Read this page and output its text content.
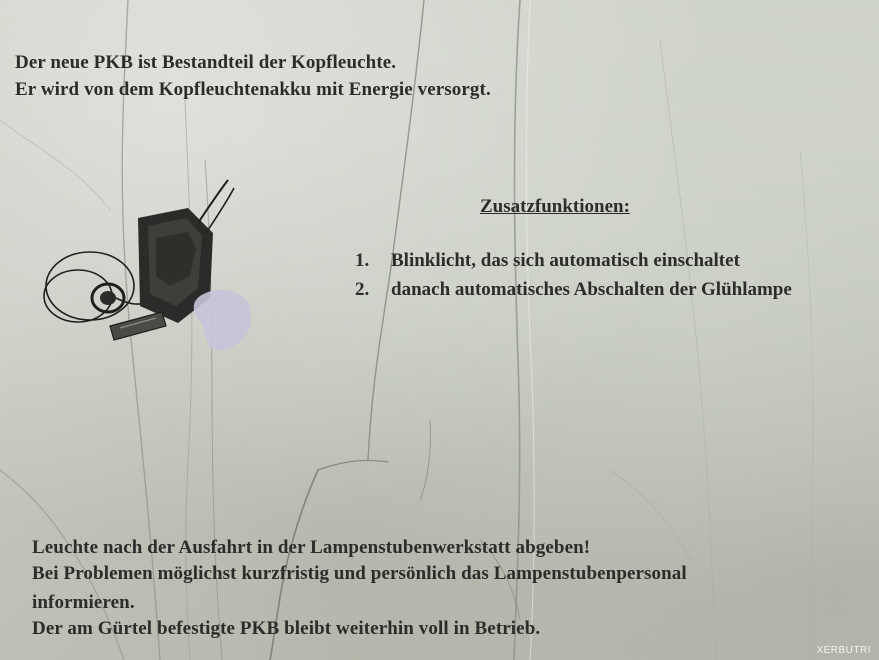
Der neue PKB ist Bestandteil der Kopfleuchte.

Er wird von dem Kopfleuchtenakku mit Energie versorgt.

Zusatzfunktionen:

1.	Blinklicht, das sich automatisch einschaltet
2.	danach automatisches Abschalten der Glühlampe

Leuchte nach der Ausfahrt in der Lampenstubenwerkstatt abgeben!

Bei Problemen möglichst kurzfristig und persönlich das Lampenstubenpersonal

informieren.

Der am Gürtel befestigte PKB bleibt weiterhin voll in Betrieb.

XERBUTRI
